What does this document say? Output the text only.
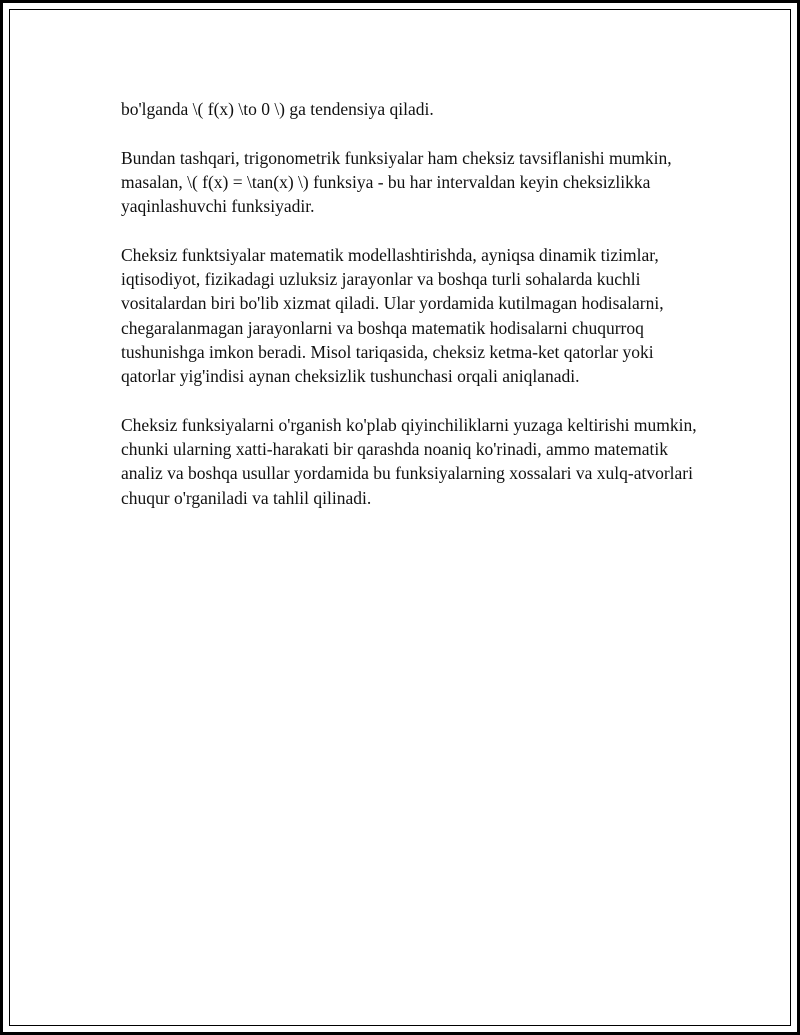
bo'lganda \( f(x) \to 0 \) ga tendensiya qiladi.

Bundan tashqari, trigonometrik funksiyalar ham cheksiz tavsiflanishi mumkin, masalan, \( f(x) = \tan(x) \) funksiya - bu har intervaldan keyin cheksizlikka yaqinlashuvchi funksiyadir.

Cheksiz funktsiyalar matematik modellashtirishda, ayniqsa dinamik tizimlar, iqtisodiyot, fizikadagi uzluksiz jarayonlar va boshqa turli sohalarda kuchli vositalardan biri bo'lib xizmat qiladi. Ular yordamida kutilmagan hodisalarni, chegaralanmagan jarayonlarni va boshqa matematik hodisalarni chuqurroq tushunishga imkon beradi. Misol tariqasida, cheksiz ketma-ket qatorlar yoki qatorlar yig'indisi aynan cheksizlik tushunchasi orqali aniqlanadi.

Cheksiz funksiyalarni o'rganish ko'plab qiyinchiliklarni yuzaga keltirishi mumkin, chunki ularning xatti-harakati bir qarashda noaniq ko'rinadi, ammo matematik analiz va boshqa usullar yordamida bu funksiyalarning xossalari va xulq-atvorlari chuqur o'rganiladi va tahlil qilinadi.
